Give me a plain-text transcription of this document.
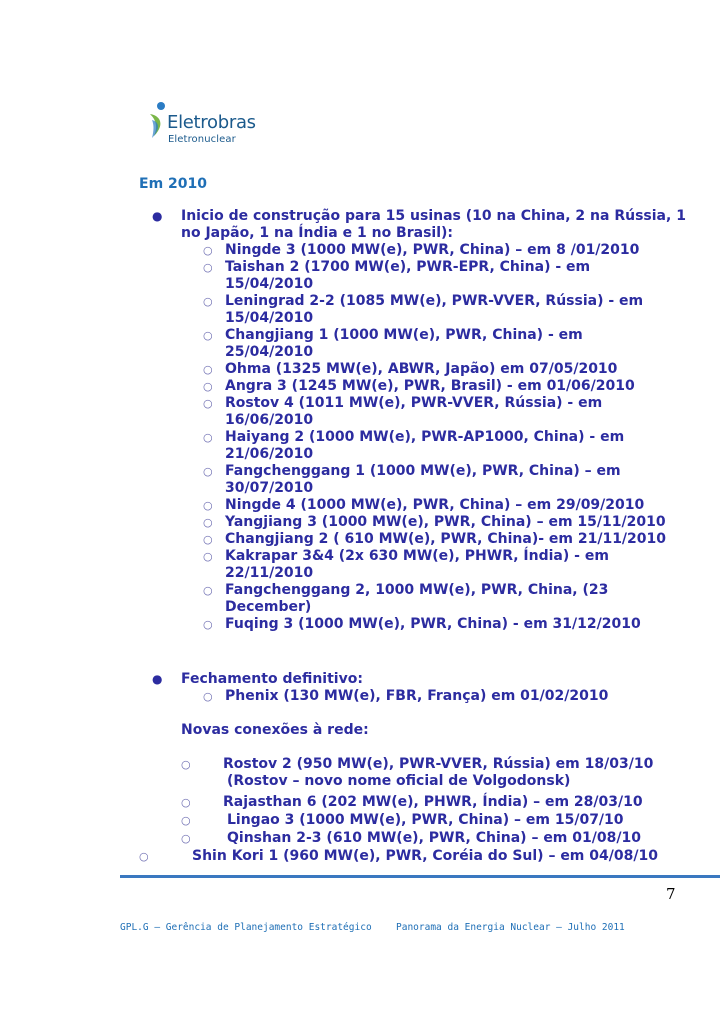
Eletrobras
Eletronuclear
Em 2010
● Inicio de construção para 15 usinas (10 na China, 2 na Rússia, 1
no Japão, 1 na Índia e 1 no Brasil):
○ Ningde 3 (1000 MW(e), PWR, China) – em 8 /01/2010
○ Taishan 2 (1700 MW(e), PWR-EPR, China) - em
15/04/2010
○ Leningrad 2-2 (1085 MW(e), PWR-VVER, Rússia) - em
15/04/2010
○ Changjiang 1 (1000 MW(e), PWR, China) - em
25/04/2010
○ Ohma (1325 MW(e), ABWR, Japão) em 07/05/2010
○ Angra 3 (1245 MW(e), PWR, Brasil) - em 01/06/2010
○ Rostov 4 (1011 MW(e), PWR-VVER, Rússia) - em
16/06/2010
○ Haiyang 2 (1000 MW(e), PWR-AP1000, China) - em
21/06/2010
○ Fangchenggang 1 (1000 MW(e), PWR, China) – em
30/07/2010
○ Ningde 4 (1000 MW(e), PWR, China) – em 29/09/2010
○ Yangjiang 3 (1000 MW(e), PWR, China) – em 15/11/2010
○ Changjiang 2 ( 610 MW(e), PWR, China)- em 21/11/2010
○ Kakrapar 3&4 (2x 630 MW(e), PHWR, Índia) - em
22/11/2010
○ Fangchenggang 2, 1000 MW(e), PWR, China, (23
December)
○ Fuqing 3 (1000 MW(e), PWR, China) - em 31/12/2010
● Fechamento definitivo:
○ Phenix (130 MW(e), FBR, França) em 01/02/2010
Novas conexões à rede:
○ Rostov 2 (950 MW(e), PWR-VVER, Rússia) em 18/03/10
(Rostov – novo nome oficial de Volgodonsk)
○ Rajasthan 6 (202 MW(e), PHWR, Índia) – em 28/03/10
○	Lingao 3 (1000 MW(e), PWR, China) – em 15/07/10
○	Qinshan 2-3 (610 MW(e), PWR, China) – em 01/08/10
○	Shin Kori 1 (960 MW(e), PWR, Coréia do Sul) – em 04/08/10
7
GPL.G – Gerência de Planejamento Estratégico	Panorama da Energia Nuclear – Julho 2011
